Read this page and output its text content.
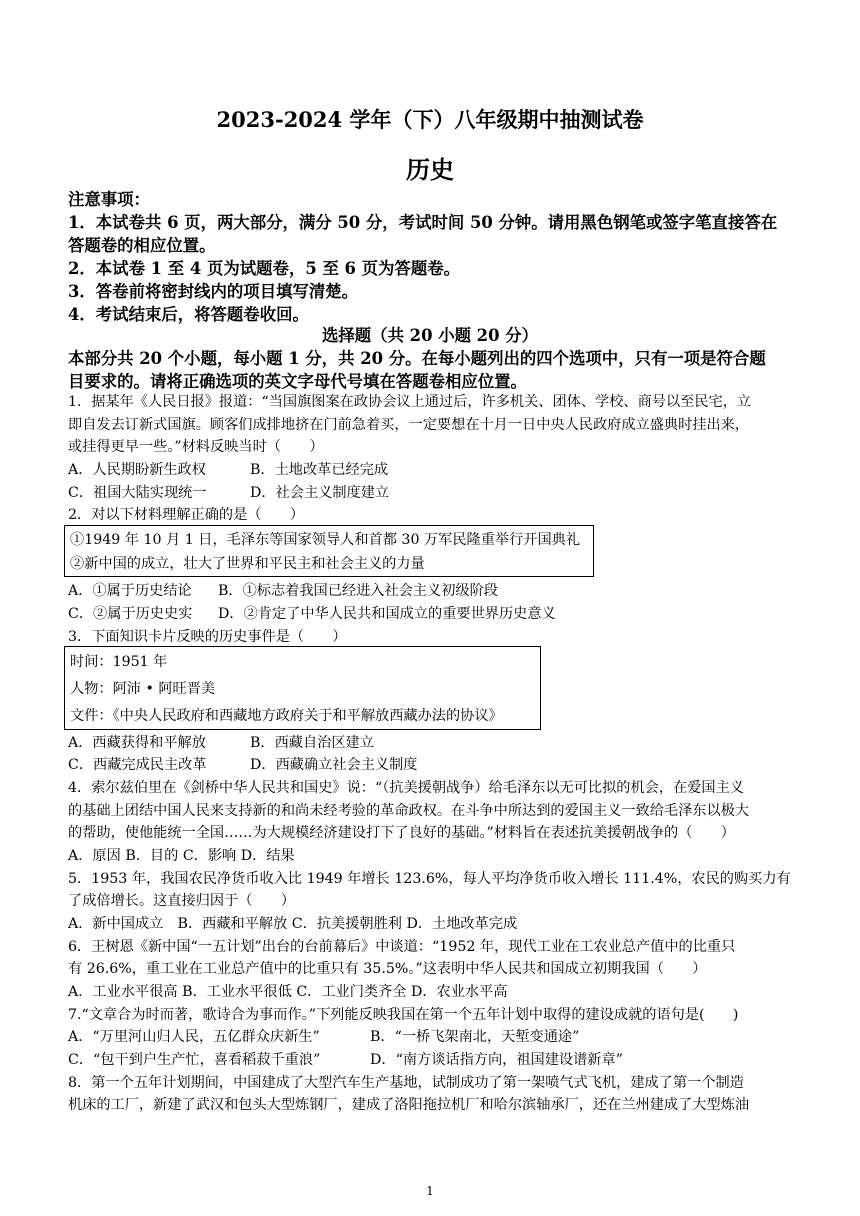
2023-2024 学年（下）八年级期中抽测试卷
历史
注意事项：
1．本试卷共 6 页，两大部分，满分 50 分，考试时间 50 分钟。请用黑色钢笔或签字笔直接答在
答题卷的相应位置。
2．本试卷 1 至 4 页为试题卷，5 至 6 页为答题卷。
3．答卷前将密封线内的项目填写清楚。
4．考试结束后，将答题卷收回。
选择题（共 20 小题 20 分）
本部分共 20 个小题，每小题 1 分，共 20 分。在每小题列出的四个选项中，只有一项是符合题
目要求的。请将正确选项的英文字母代号填在答题卷相应位置。
1．据某年《人民日报》报道：“当国旗图案在政协会议上通过后，许多机关、团体、学校、商号以至民宅，立
即自发去订新式国旗。顾客们成排地挤在门前急着买，一定要想在十月一日中央人民政府成立盛典时挂出来，
或挂得更早一些。”材料反映当时（　　）
A．人民期盼新生政权	B．土地改革已经完成
C．祖国大陆实现统一	D．社会主义制度建立
2．对以下材料理解正确的是（　　）
①1949 年 10 月 1 日，毛泽东等国家领导人和首都 30 万军民隆重举行开国典礼
②新中国的成立，壮大了世界和平民主和社会主义的力量
A．①属于历史结论 B．①标志着我国已经进入社会主义初级阶段
C．②属于历史史实 D．②肯定了中华人民共和国成立的重要世界历史意义
3．下面知识卡片反映的历史事件是（　　）
时间：1951 年
人物：阿沛 • 阿旺晋美
文件：《中央人民政府和西藏地方政府关于和平解放西藏办法的协议》
A．西藏获得和平解放	B．西藏自治区建立
C．西藏完成民主改革	D．西藏确立社会主义制度
4．索尔兹伯里在《剑桥中华人民共和国史》说：“（抗美援朝战争）给毛泽东以无可比拟的机会，在爱国主义
的基础上团结中国人民来支持新的和尚未经考验的革命政权。在斗争中所达到的爱国主义一致给毛泽东以极大
的帮助，使他能统一全国……为大规模经济建设打下了良好的基础。”材料旨在表述抗美援朝战争的（　　）
A．原因 B．目的 C．影响 D．结果
5．1953 年，我国农民净货币收入比 1949 年增长 123.6%，每人平均净货币收入增长 111.4%，农民的购买力有
了成倍增长。这直接归因于（　　）
A．新中国成立　B．西藏和平解放 C．抗美援朝胜利 D．土地改革完成
6．王树恩《新中国“一五计划”出台的台前幕后》中谈道：“1952 年，现代工业在工农业总产值中的比重只
有 26.6%，重工业在工业总产值中的比重只有 35.5%。”这表明中华人民共和国成立初期我国（　　）
A．工业水平很高 B．工业水平很低 C．工业门类齐全 D．农业水平高
7.“文章合为时而著，歌诗合为事而作。”下列能反映我国在第一个五年计划中取得的建设成就的语句是(　　)
A．“万里河山归人民，五亿群众庆新生”	B．“一桥飞架南北，天堑变通途”
C．“包干到户生产忙，喜看稻菽千重浪”	D．“南方谈话指方向，祖国建设谱新章”
8．第一个五年计划期间，中国建成了大型汽车生产基地，试制成功了第一架喷气式飞机，建成了第一个制造
机床的工厂，新建了武汉和包头大型炼钢厂，建成了洛阳拖拉机厂和哈尔滨轴承厂，还在兰州建成了大型炼油
1
